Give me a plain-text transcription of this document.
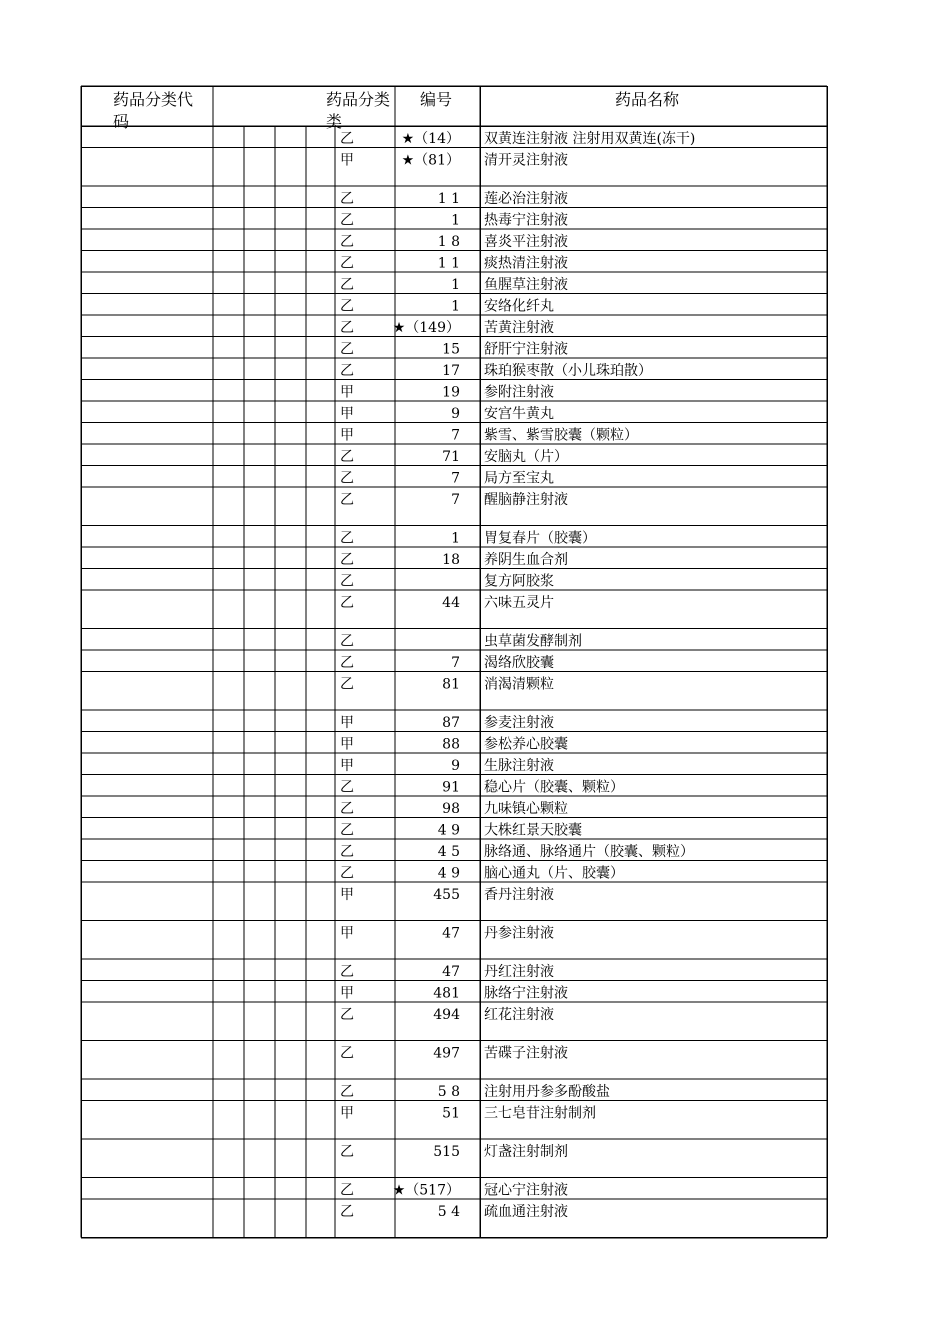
药品分类代
码
药品分类
类
编号	药品名称
乙	★（14） 双黄连注射液 注射用双黄连(冻干)
甲	★（81） 清开灵注射液
乙	1 1 莲必治注射液
乙	1 热毒宁注射液
乙	1 8 喜炎平注射液
乙	1 1 痰热清注射液
乙	1 鱼腥草注射液
乙	1 安络化纤丸
乙	★（149） 苦黄注射液
乙	15 舒肝宁注射液
乙	17 珠珀猴枣散（小儿珠珀散）
甲	19 参附注射液
甲	9 安宫牛黄丸
甲	7 紫雪、紫雪胶囊（颗粒）
乙	71 安脑丸（片）
乙	7 局方至宝丸
乙	7 醒脑静注射液
乙	1 胃复春片（胶囊）
乙	18 养阴生血合剂
乙	复方阿胶浆
乙	44 六味五灵片
乙	虫草菌发酵制剂
乙	7 渴络欣胶囊
乙	81 消渴清颗粒
甲	87 参麦注射液
甲	88 参松养心胶囊
甲	9 生脉注射液
乙	91 稳心片（胶囊、颗粒）
乙	98 九味镇心颗粒
乙	4 9 大株红景天胶囊
乙	4 5 脉络通、脉络通片（胶囊、颗粒）
乙	4 9 脑心通丸（片、胶囊）
甲	455 香丹注射液
甲	47 丹参注射液
乙	47 丹红注射液
甲	481 脉络宁注射液
乙	494 红花注射液
乙	497 苦碟子注射液
乙	5 8 注射用丹参多酚酸盐
甲	51 三七皂苷注射制剂
乙	515 灯盏注射制剂
乙	★（517） 冠心宁注射液
乙	5 4 疏血通注射液
